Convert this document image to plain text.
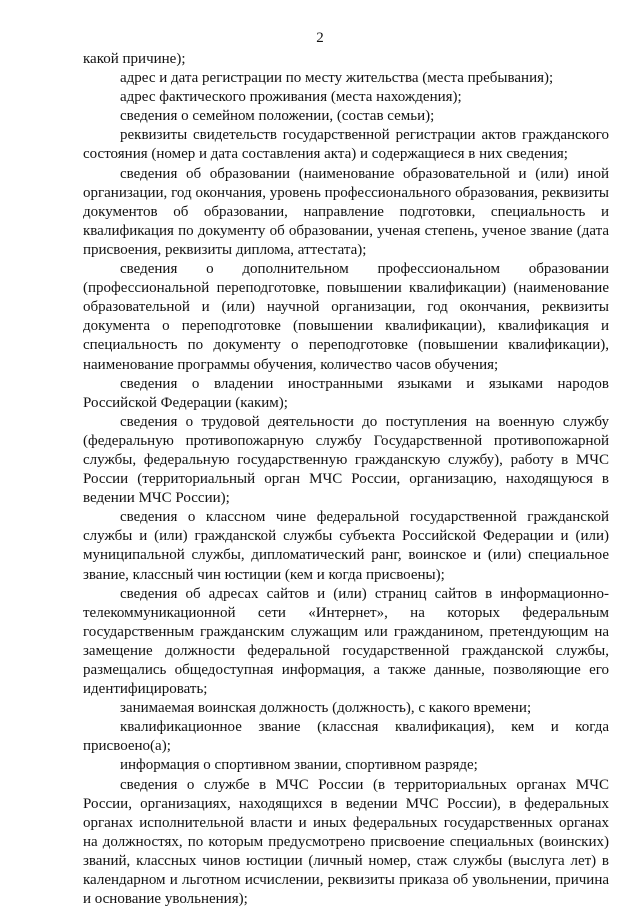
2

какой причине);

адрес и дата регистрации по месту жительства (места пребывания);

адрес фактического проживания (места нахождения);

сведения о семейном положении, (состав семьи);

реквизиты свидетельств государственной регистрации актов гражданского состояния (номер и дата составления акта) и содержащиеся в них сведения;

сведения об образовании (наименование образовательной и (или) иной организации, год окончания, уровень профессионального образования, реквизиты документов об образовании, направление подготовки, специальность и квалификация по документу об образовании, ученая степень, ученое звание (дата присвоения, реквизиты диплома, аттестата);

сведения о дополнительном профессиональном образовании (профессиональной переподготовке, повышении квалификации) (наименование образовательной и (или) научной организации, год окончания, реквизиты документа о переподготовке (повышении квалификации), квалификация и специальность по документу о переподготовке (повышении квалификации), наименование программы обучения, количество часов обучения;

сведения о владении иностранными языками и языками народов Российской Федерации (каким);

сведения о трудовой деятельности до поступления на военную службу (федеральную противопожарную службу Государственной противопожарной службы, федеральную государственную гражданскую службу), работу в МЧС России (территориальный орган МЧС России, организацию, находящуюся в ведении МЧС России);

сведения о классном чине федеральной государственной гражданской службы и (или) гражданской службы субъекта Российской Федерации и (или) муниципальной службы, дипломатический ранг, воинское и (или) специальное звание, классный чин юстиции (кем и когда присвоены);

сведения об адресах сайтов и (или) страниц сайтов в информационно-телекоммуникационной сети «Интернет», на которых федеральным государственным гражданским служащим или гражданином, претендующим на замещение должности федеральной государственной гражданской службы, размещались общедоступная информация, а также данные, позволяющие его идентифицировать;

занимаемая воинская должность (должность), с какого времени;

квалификационное звание (классная квалификация), кем и когда присвоено(а);

информация о спортивном звании, спортивном разряде;

сведения о службе в МЧС России (в территориальных органах МЧС России, организациях, находящихся в ведении МЧС России), в федеральных органах исполнительной власти и иных федеральных государственных органах на должностях, по которым предусмотрено присвоение специальных (воинских) званий, классных чинов юстиции (личный номер, стаж службы (выслуга лет) в календарном и льготном исчислении, реквизиты приказа об увольнении, причина и основание увольнения);
